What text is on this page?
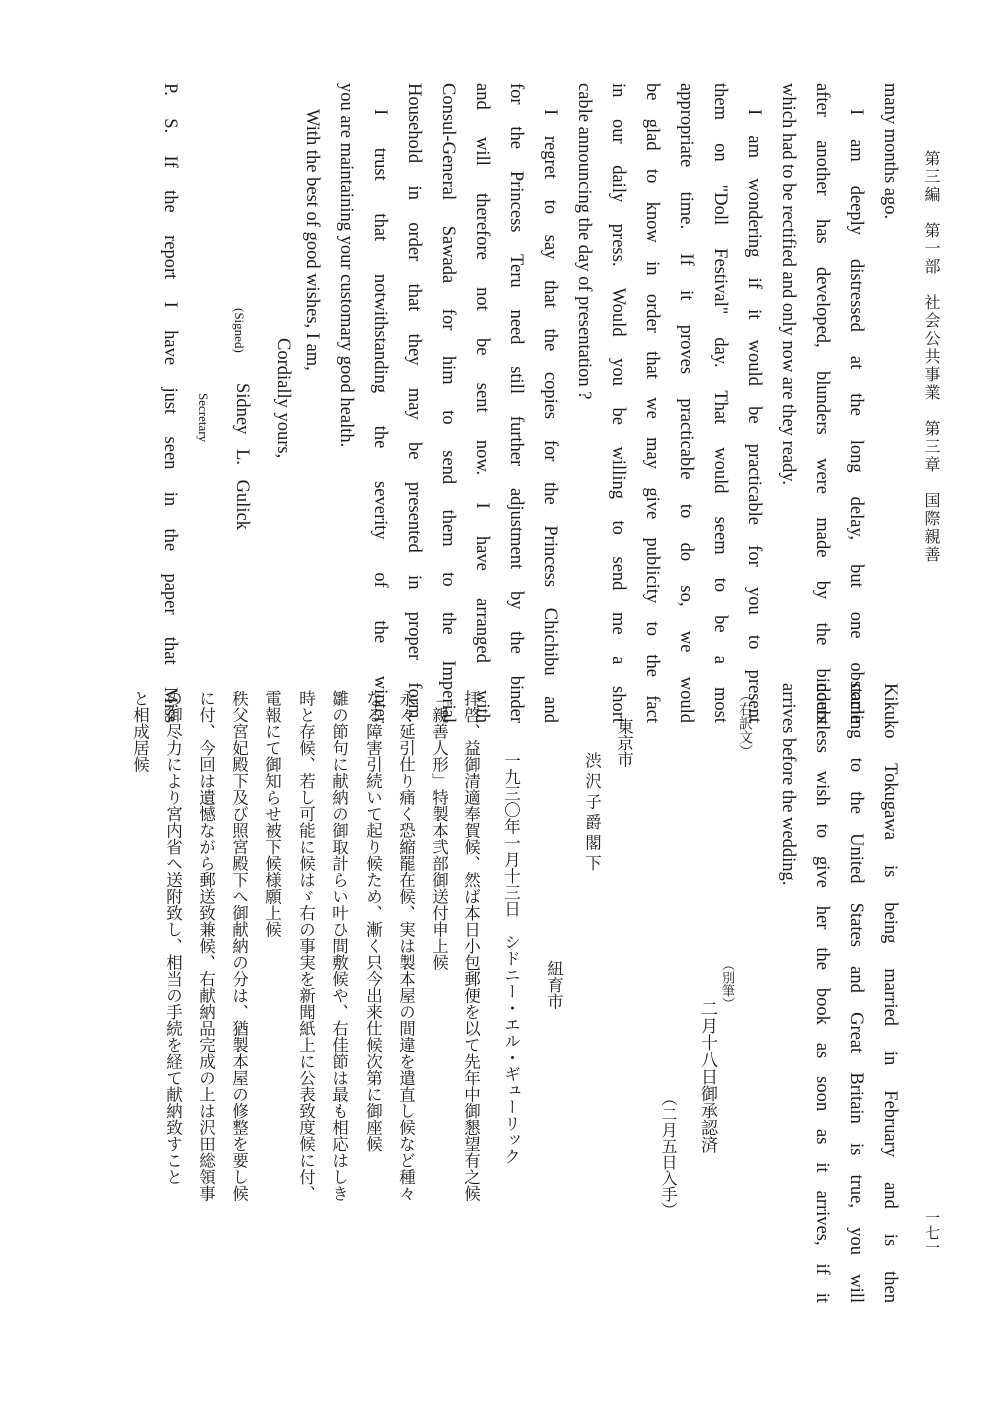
第三編　第一部　社会公共事業　第三章　国際親善
一七一
many months ago.
I am deeply distressed at the long delay, but one obstacle
after another has developed, blunders were made by the binders
which had to be rectified and only now are they ready.
I am wondering if it would be practicable for you to present
them on "Doll Festival" day. That would seem to be a most
appropriate time. If it proves practicable to do so, we would
be glad to know in order that we may give publicity to the fact
in our daily press. Would you be willing to send me a short
cable announcing the day of presentation ?
I regret to say that the copies for the Princess Chichibu and
for the Princess Teru need still further adjustment by the binder
and will therefore not be sent now. I have arranged with
Consul-General Sawada for him to send them to the Imperial
Household in order that they may be presented in proper form.
I trust that notwithstanding the severity of the winter
you are maintaining your customary good health.
With the best of good wishes, I am,
Cordially yours,
(Signed)
Sidney L. Gulick
Secretary
P. S. If the report I have just seen in the paper that Miss
Kikuko Tokugawa is being married in February and is then
coming to the United States and Great Britain is true, you will
doubtless wish to give her the book as soon as it arrives, if it
arrives before the wedding.
（右訳文）
（別筆）
二月十八日御承認済
（二月五日入手）
東京市
渋沢子爵閣下
紐育市
一九三〇年一月十三日　シドニー・エル・ギューリック
拝啓、益御清適奉賀候、然ば本日小包郵便を以て先年中御懇望有之候
「親善人形」特製本弐部御送付申上候
永々延引仕り痛く恐縮罷在候、実は製本屋の間違を遣直し候など種々
なる障害引続いて起り候ため、漸く只今出来仕候次第に御座候
雛の節句に献納の御取計らい叶ひ間敷候や、右佳節は最も相応はしき
時と存候、若し可能に候はゞ右の事実を新聞紙上に公表致度候に付、
電報にて御知らせ被下候様願上候
秩父宮妃殿下及び照宮殿下へ御献納の分は、猶製本屋の修整を要し候
に付、今回は遺憾ながら郵送致兼候、右献納品完成の上は沢田総領事
の御尽力により宮内省へ送附致し、相当の手続を経て献納致すこと
と相成居候
